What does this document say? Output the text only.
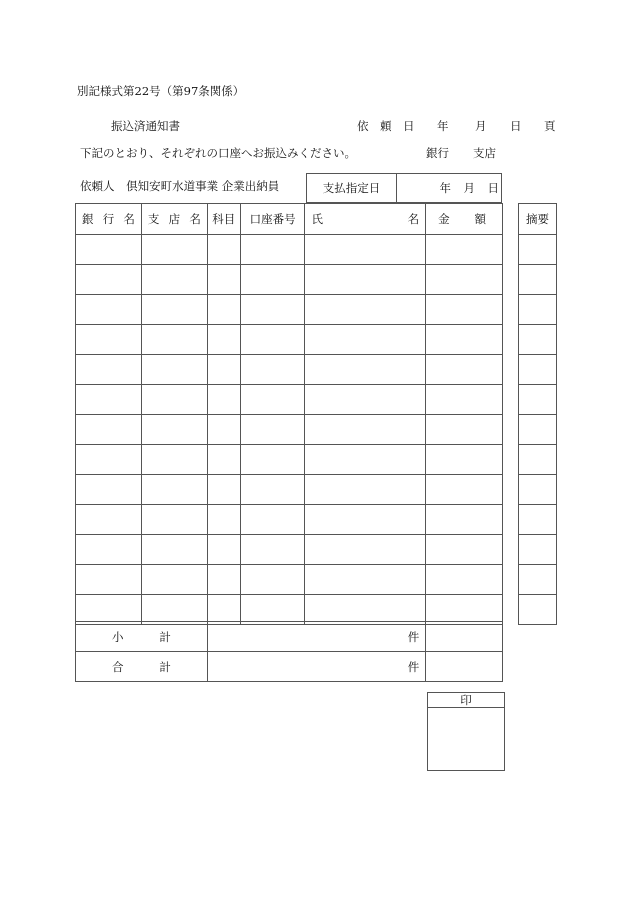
別記様式第22号（第97条関係）
振込済通知書	依　頼　日 年 月 日 頁
下記のとおり、それぞれの口座へお振込みください。	銀行 支店
依頼人 倶知安町水道事業 企業出納員	支払指定日	年 月 日
銀 行 名	支 店 名	科目	口座番号	氏 名	金 額

						摘要

小 計	件	

合 計	件	
印
